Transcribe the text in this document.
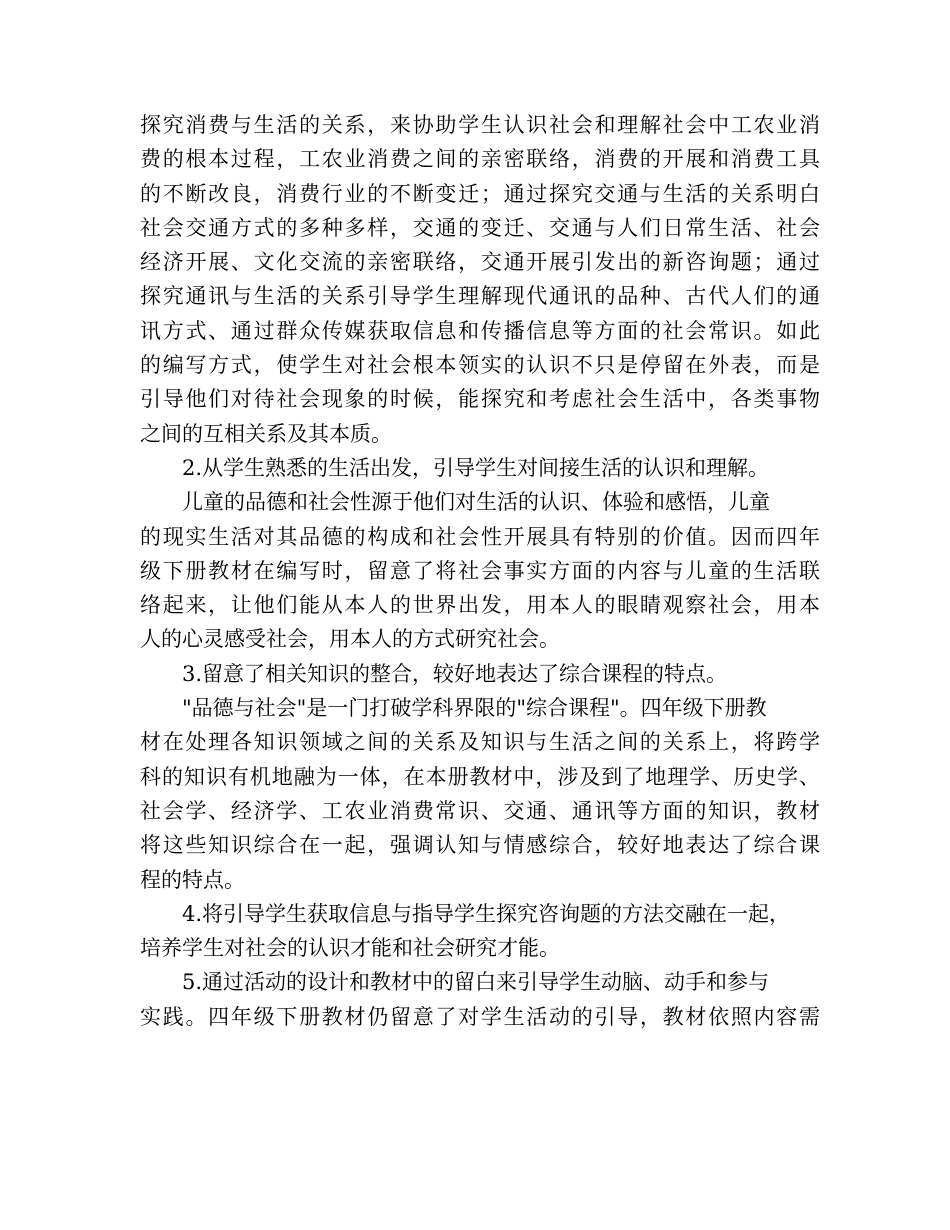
探究消费与生活的关系，来协助学生认识社会和理解社会中工农业消
费的根本过程，工农业消费之间的亲密联络，消费的开展和消费工具
的不断改良，消费行业的不断变迁；通过探究交通与生活的关系明白
社会交通方式的多种多样，交通的变迁、交通与人们日常生活、社会
经济开展、文化交流的亲密联络，交通开展引发出的新咨询题；通过
探究通讯与生活的关系引导学生理解现代通讯的品种、古代人们的通
讯方式、通过群众传媒获取信息和传播信息等方面的社会常识。如此
的编写方式，使学生对社会根本领实的认识不只是停留在外表，而是
引导他们对待社会现象的时候，能探究和考虑社会生活中，各类事物
之间的互相关系及其本质。
2.从学生熟悉的生活出发，引导学生对间接生活的认识和理解。
儿童的品德和社会性源于他们对生活的认识、体验和感悟，儿童
的现实生活对其品德的构成和社会性开展具有特别的价值。因而四年
级下册教材在编写时，留意了将社会事实方面的内容与儿童的生活联
络起来，让他们能从本人的世界出发，用本人的眼睛观察社会，用本
人的心灵感受社会，用本人的方式研究社会。
3.留意了相关知识的整合，较好地表达了综合课程的特点。
"品德与社会"是一门打破学科界限的"综合课程"。四年级下册教
材在处理各知识领域之间的关系及知识与生活之间的关系上，将跨学
科的知识有机地融为一体，在本册教材中，涉及到了地理学、历史学、
社会学、经济学、工农业消费常识、交通、通讯等方面的知识，教材
将这些知识综合在一起，强调认知与情感综合，较好地表达了综合课
程的特点。
4.将引导学生获取信息与指导学生探究咨询题的方法交融在一起，
培养学生对社会的认识才能和社会研究才能。
5.通过活动的设计和教材中的留白来引导学生动脑、动手和参与
实践。四年级下册教材仍留意了对学生活动的引导，教材依照内容需
